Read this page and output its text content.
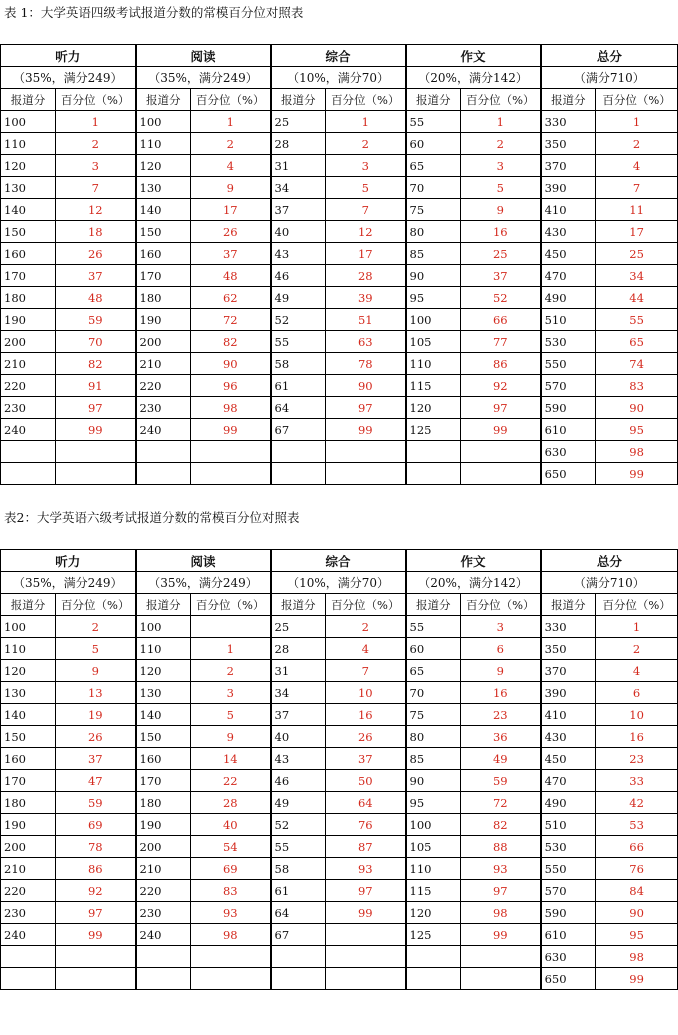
表 1：大学英语四级考试报道分数的常模百分位对照表
听力		阅读		综合		作文		总分	
（35%，满分249）		（35%，满分249）		（10%，满分70）		（20%，满分142）		（满分710）	
报道分	百分位（%）	报道分	百分位（%）	报道分	百分位（%）	报道分	百分位（%）	报道分	百分位（%）
100	1	100	1	25	1	55	1	330	1
110	2	110	2	28	2	60	2	350	2
120	3	120	4	31	3	65	3	370	4
130	7	130	9	34	5	70	5	390	7
140	12	140	17	37	7	75	9	410	11
150	18	150	26	40	12	80	16	430	17
160	26	160	37	43	17	85	25	450	25
170	37	170	48	46	28	90	37	470	34
180	48	180	62	49	39	95	52	490	44
190	59	190	72	52	51	100	66	510	55
200	70	200	82	55	63	105	77	530	65
210	82	210	90	58	78	110	86	550	74
220	91	220	96	61	90	115	92	570	83
230	97	230	98	64	97	120	97	590	90
240	99	240	99	67	99	125	99	610	95
								630	98
								650	99
表2：大学英语六级考试报道分数的常模百分位对照表
听力		阅读		综合		作文		总分	
（35%，满分249）		（35%，满分249）		（10%，满分70）		（20%，满分142）		（满分710）	
报道分	百分位（%）	报道分	百分位（%）	报道分	百分位（%）	报道分	百分位（%）	报道分	百分位（%）
100	2	100		25	2	55	3	330	1
110	5	110	1	28	4	60	6	350	2
120	9	120	2	31	7	65	9	370	4
130	13	130	3	34	10	70	16	390	6
140	19	140	5	37	16	75	23	410	10
150	26	150	9	40	26	80	36	430	16
160	37	160	14	43	37	85	49	450	23
170	47	170	22	46	50	90	59	470	33
180	59	180	28	49	64	95	72	490	42
190	69	190	40	52	76	100	82	510	53
200	78	200	54	55	87	105	88	530	66
210	86	210	69	58	93	110	93	550	76
220	92	220	83	61	97	115	97	570	84
230	97	230	93	64	99	120	98	590	90
240	99	240	98	67		125	99	610	95
								630	98
								650	99
